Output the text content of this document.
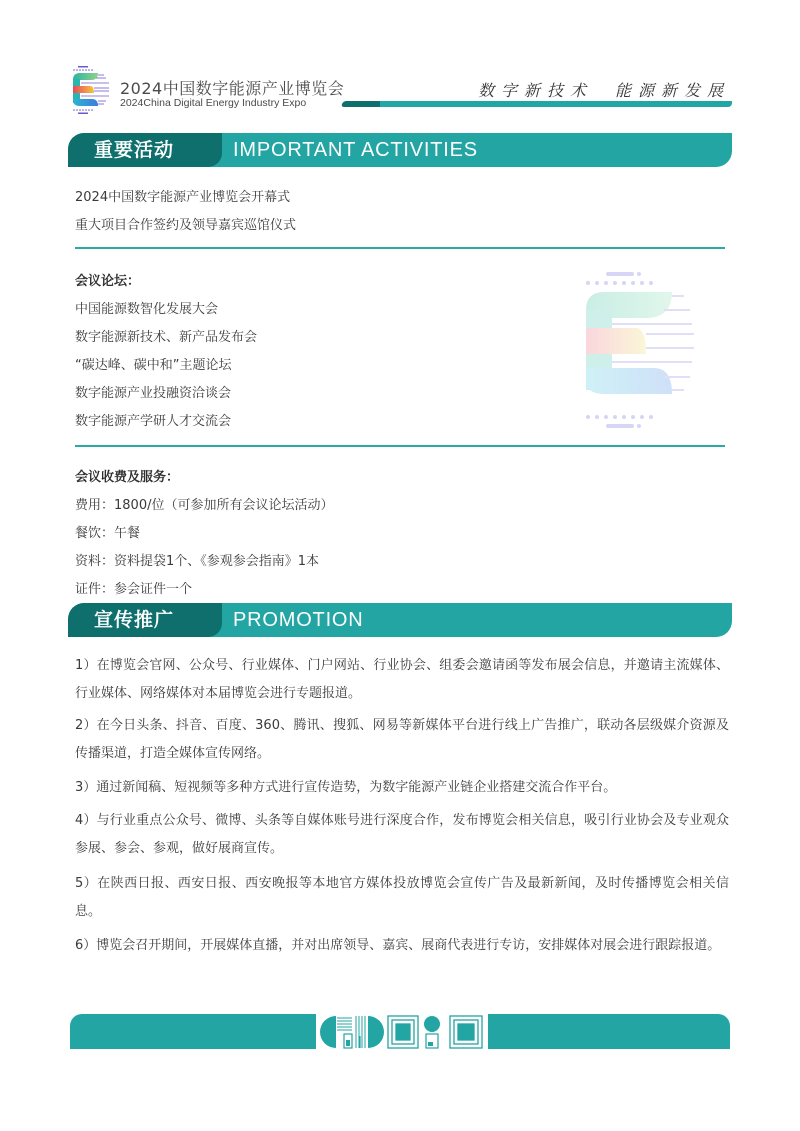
2024中国数字能源产业博览会
2024China Digital Energy Industry Expo
数字新技术 能源新发展
重要活动	IMPORTANT ACTIVITIES
2024中国数字能源产业博览会开幕式
重大项目合作签约及领导嘉宾巡馆仪式
会议论坛：
中国能源数智化发展大会
数字能源新技术、新产品发布会
“碳达峰、碳中和”主题论坛
数字能源产业投融资洽谈会
数字能源产学研人才交流会
会议收费及服务：
费用：1800/位（可参加所有会议论坛活动）
餐饮：午餐
资料：资料提袋1个、《参观参会指南》1本
证件：参会证件一个
宣传推广	PROMOTION
1）在博览会官网、公众号、行业媒体、门户网站、行业协会、组委会邀请函等发布展会信息，并邀请主流媒体、行业媒体、网络媒体对本届博览会进行专题报道。
2）在今日头条、抖音、百度、360、腾讯、搜狐、网易等新媒体平台进行线上广告推广，联动各层级媒介资源及传播渠道，打造全媒体宣传网络。
3）通过新闻稿、短视频等多种方式进行宣传造势，为数字能源产业链企业搭建交流合作平台。
4）与行业重点公众号、微博、头条等自媒体账号进行深度合作，发布博览会相关信息，吸引行业协会及专业观众参展、参会、参观，做好展商宣传。
5）在陕西日报、西安日报、西安晚报等本地官方媒体投放博览会宣传广告及最新新闻，及时传播博览会相关信息。
6）博览会召开期间，开展媒体直播，并对出席领导、嘉宾、展商代表进行专访，安排媒体对展会进行跟踪报道。
